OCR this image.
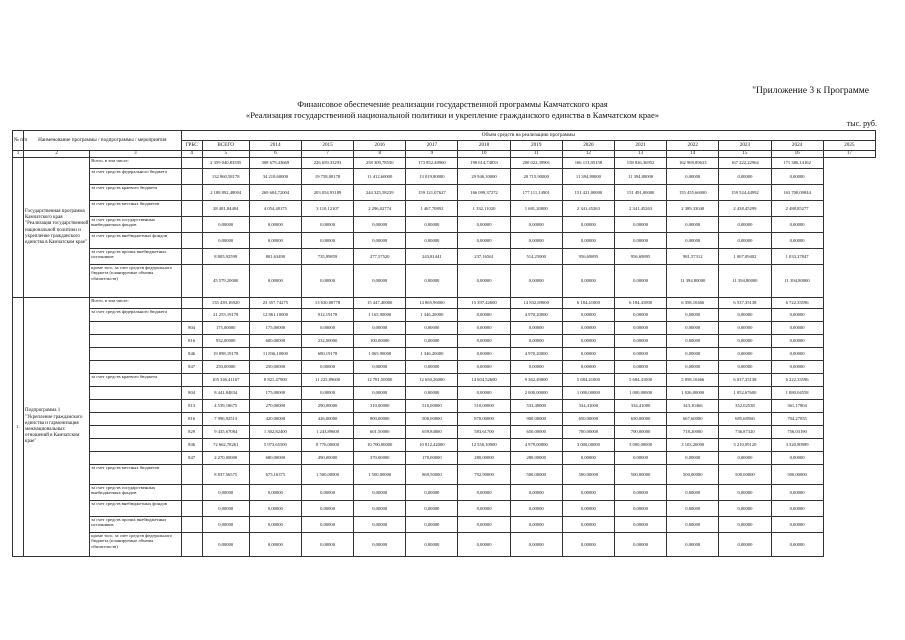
"Приложение 3 к Программе
Финансовое обеспечение реализации государственной программы Камчатского края
«Реализация государственной национальной политики и укрепление гражданского единства в Камчатском крае»
тыс. руб.
№ п/п	Наименование программы / подпрограммы / мероприятия		Объем средств на реализацию программы													
			ГРБС	ВСЕГО	2014	2015	2016	2017	2018	2019	2020	2021	2022	2023	2024	2025
1	2	3	4	5	6	7	8	9	10	11	12	13	14	15	16	17
	Государственная программа Камчатского края "Реализация государственной национальной политики и укрепление гражданского единства в Камчатском крае"	Всего, в том числе:		2 359 040,83595	308 679,43669	226 659,33293	258 309,78530	173 852,48960	198 614,74833	200 022,39901	166 113,95158	158 826,36952	162 969,89633	167 222,22964	171 386,14162	
		за счет средств федерального бюджета		132 860,58178	34 218,60000	19 758,08178	11 412,60000	13 019,80000	29 946,10000	20 715,90000	11 394,80000	11 394,80000	0,00000	0,00000	0,00000	
		за счет средств краевого бюджета		2 188 892,48004	269 604,72004	203 054,93189	244 325,58239	159 121,07627	166 099,37272	177 111,14901	151 421,00000	151 491,00000	155 455,66000	159 524,44992	163 700,09844	
		за счет средств местных бюджетов		28 481,84404	4 054,48175	3 110,12107	2 296,02774	1 467,70892	1 332,11020	1 681,20000	2 341,45263	2 341,45263	2 389,33040	2 438,45299	2 488,85277	
		за счет средств государственных внебюджетных фондов		0,00000	0,00000	0,00000	0,00000	0,00000	0,00000	0,00000	0,00000	0,00000	0,00000	0,00000	0,00000	
		за счет средств внебюджетных фондов		0,00000	0,00000	0,00000	0,00000	0,00000	0,00000	0,00000	0,00000	0,00000	0,00000	0,00000	0,00000	
		за счет средств прочих внебюджетных источников		8 805,92599	801,63490	735,99859	277,57520	243,81441	237,16561	514,25000	956,69895	956,69895	981,57312	1 007,09402	1 033,27847	
		кроме того, за счет средств федерального бюджета (планируемые объемы обязательств)		45 579,20000	0,00000	0,00000	0,00000	0,00000	0,00000	0,00000	0,00000	0,00000	11 394,80000	11 394,80000	11 394,80000	
1.	Подпрограмма 1 "Укрепление гражданского единства и гармонизация межнациональных отношений в Камчатском крае"	Всего, в том числе:		135 439,16920	23 357,74275	13 630,08778	15 447,40000	14 865,96000	15 397,42600	14 832,69000	6 184,41000	6 184,41000	6 358,10466	6 537,35138	6 722,33596	
		за счет средств федерального бюджета		21 255,19178	12 861,10000	912,19178	1 165,90000	1 346,20000	0,00000	4 970,20000	0,00000	0,00000	0,00000	0,00000	0,00000	
			804	175,00000	175,00000	0,00000	0,00000	0,00000	0,00000	0,00000	0,00000	0,00000	0,00000	0,00000	0,00000	
			816	932,00000	600,00000	232,00000	100,00000	0,00000	0,00000	0,00000	0,00000	0,00000	0,00000	0,00000	0,00000	
			846	19 898,19178	11 836,10000	680,19178	1 065,90000	1 346,20000	0,00000	4 970,20000	0,00000	0,00000	0,00000	0,00000	0,00000	
			847	250,00000	250,00000	0,00000	0,00000	0,00000	0,00000	0,00000	0,00000	0,00000	0,00000	0,00000	0,00000	
		за счет средств краевого бюджета		105 346,41167	8 821,47900	11 225,89600	12 781,50000	12 650,26000	14 604,52600	9 362,49000	5 684,41000	5 684,41000	5 858,10466	6 037,35138	6 222,33596	
			804	8 441,84834	175,00000	0,00000	0,00000	0,00000	0,00000	2 000,00000	1 000,00000	1 000,00000	1 026,00000	1 052,67600	1 080,04558	
			813	4 539,18675	270,00000	290,00000	310,00000	510,00000	510,00000	533,49000	334,41000	334,41000	343,10466	352,02538	361,17804	
			816	7 996,92513	420,00000	426,00000	800,00000	500,00000	870,00000	900,00000	650,00000	650,00000	667,60000	685,68560	704,27055	
			829	9 435,67084	1 302,82400	1 243,89600	601,50000	659,84000	583,61700	650,00000	700,00000	700,00000	718,20000	736,87320	756,03190	
			846	72 662,78261	5 973,65500	8 776,00000	10 700,00000	10 812,42000	12 556,10900	4 979,00000	3 000,00000	3 000,00000	3 103,20000	3 210,09120	3 320,80989	
			847	2 270,00000	680,00000	490,00000	370,00000	170,00000	280,00000	280,00000	0,00000	0,00000	0,00000	0,00000	0,00000	
		за счет средств местных бюджетов		8 837,56575	675,16375	1 500,00000	1 500,00000	869,50000	792,90000	500,00000	500,00000	500,00000	500,00000	500,00000	500,00000	
		за счет средств государственных внебюджетных фондов		0,00000	0,00000	0,00000	0,00000	0,00000	0,00000	0,00000	0,00000	0,00000	0,00000	0,00000	0,00000	
		за счет средств внебюджетных фондов		0,00000	0,00000	0,00000	0,00000	0,00000	0,00000	0,00000	0,00000	0,00000	0,00000	0,00000	0,00000	
		за счет средств прочих внебюджетных источников		0,00000	0,00000	0,00000	0,00000	0,00000	0,00000	0,00000	0,00000	0,00000	0,00000	0,00000	0,00000	
		кроме того, за счет средств федерального бюджета (планируемые объемы обязательств)		0,00000	0,00000	0,00000	0,00000	0,00000	0,00000	0,00000	0,00000	0,00000	0,00000	0,00000	0,00000	
